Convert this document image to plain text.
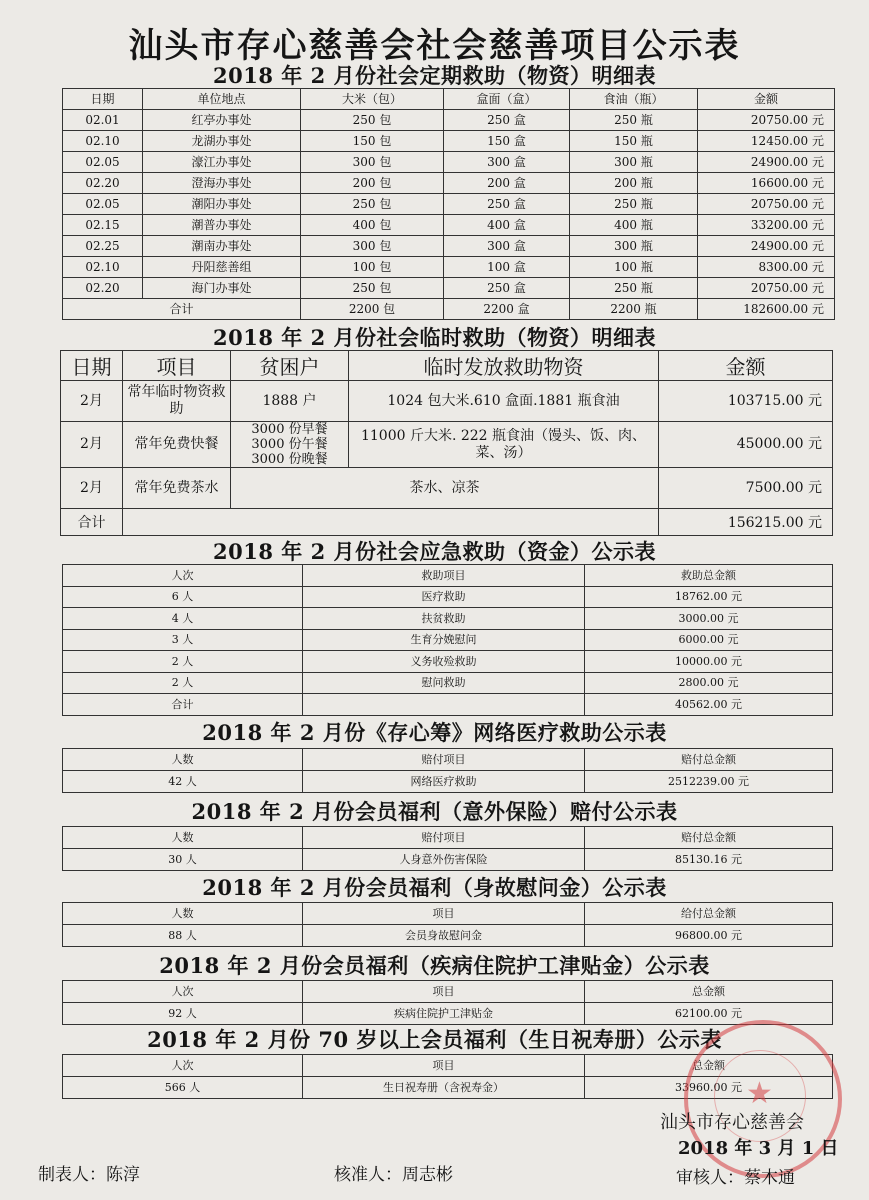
汕头市存心慈善会社会慈善项目公示表
2018 年 2 月份社会定期救助（物资）明细表
日期	单位地点	大米（包）	盒面（盒）	食油（瓶）	金额
02.01	红亭办事处	250 包	250 盒	250 瓶	20750.00 元
02.10	龙湖办事处	150 包	150 盒	150 瓶	12450.00 元
02.05	濠江办事处	300 包	300 盒	300 瓶	24900.00 元
02.20	澄海办事处	200 包	200 盒	200 瓶	16600.00 元
02.05	潮阳办事处	250 包	250 盒	250 瓶	20750.00 元
02.15	潮普办事处	400 包	400 盒	400 瓶	33200.00 元
02.25	潮南办事处	300 包	300 盒	300 瓶	24900.00 元
02.10	丹阳慈善组	100 包	100 盒	100 瓶	8300.00 元
02.20	海门办事处	250 包	250 盒	250 瓶	20750.00 元
合计		2200 包	2200 盒	2200 瓶	182600.00 元
2018 年 2 月份社会临时救助（物资）明细表
日期	项目	贫困户	临时发放救助物资	金额
2月	常年临时物资救助	1888 户	1024 包大米.610 盒面.1881 瓶食油	103715.00 元
2月	常年免费快餐	3000 份早餐 3000 份午餐 3000 份晚餐	11000 斤大米. 222 瓶食油（馒头、饭、肉、菜、汤）	45000.00 元
2月	常年免费茶水	茶水、凉茶		7500.00 元
合计				156215.00 元
2018 年 2 月份社会应急救助（资金）公示表
人次	救助项目	救助总金额
6 人	医疗救助	18762.00 元
4 人	扶贫救助	3000.00 元
3 人	生育分娩慰问	6000.00 元
2 人	义务收殓救助	10000.00 元
2 人	慰问救助	2800.00 元
合计		40562.00 元
2018 年 2 月份《存心筹》网络医疗救助公示表
人数	赔付项目	赔付总金额
42 人	网络医疗救助	2512239.00 元
2018 年 2 月份会员福利（意外保险）赔付公示表
人数	赔付项目	赔付总金额
30 人	人身意外伤害保险	85130.16 元
2018 年 2 月份会员福利（身故慰问金）公示表
人数	项目	给付总金额
88 人	会员身故慰问金	96800.00 元
2018 年 2 月份会员福利（疾病住院护工津贴金）公示表
人次	项目	总金额
92 人	疾病住院护工津贴金	62100.00 元
2018 年 2 月份 70 岁以上会员福利（生日祝寿册）公示表
人次	项目	总金额
566 人	生日祝寿册（含祝寿金）	33960.00 元 ★
汕头市存心慈善会
2018 年 3 月 1 日
制表人：陈淳	核准人：周志彬	审核人：蔡木通
